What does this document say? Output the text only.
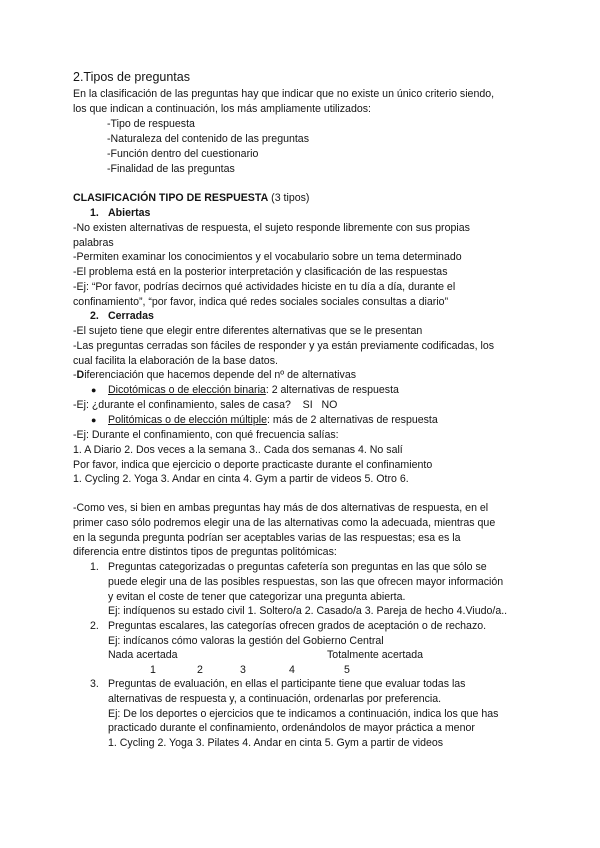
2.Tipos de preguntas
En la clasificación de las preguntas hay que indicar que no existe un único criterio siendo,
los que indican a continuación, los más ampliamente utilizados:
-Tipo de respuesta
-Naturaleza del contenido de las preguntas
-Función dentro del cuestionario
-Finalidad de las preguntas
CLASIFICACIÓN TIPO DE RESPUESTA (3 tipos)
1. Abiertas
-No existen alternativas de respuesta, el sujeto responde libremente con sus propias
palabras
-Permiten examinar los conocimientos y el vocabulario sobre un tema determinado
-El problema está en la posterior interpretación y clasificación de las respuestas
-Ej: “Por favor, podrías decirnos qué actividades hiciste en tu día a día, durante el
confinamiento”, “por favor, indica qué redes sociales sociales consultas a diario”
2. Cerradas
-El sujeto tiene que elegir entre diferentes alternativas que se le presentan
-Las preguntas cerradas son fáciles de responder y ya están previamente codificadas, los
cual facilita la elaboración de la base datos.
-Diferenciación que hacemos depende del nº de alternativas
● Dicotómicas o de elección binaria: 2 alternativas de respuesta
-Ej: ¿durante el confinamiento, sales de casa?    SI   NO
● Politómicas o de elección múltiple: más de 2 alternativas de respuesta
-Ej: Durante el confinamiento, con qué frecuencia salías:
1. A Diario 2. Dos veces a la semana 3.. Cada dos semanas 4. No salí
Por favor, indica que ejercicio o deporte practicaste durante el confinamiento
1. Cycling 2. Yoga 3. Andar en cinta 4. Gym a partir de videos 5. Otro 6.
-Como ves, si bien en ambas preguntas hay más de dos alternativas de respuesta, en el
primer caso sólo podremos elegir una de las alternativas como la adecuada, mientras que
en la segunda pregunta podrían ser aceptables varias de las respuestas; esa es la
diferencia entre distintos tipos de preguntas politómicas:
1. Preguntas categorizadas o preguntas cafetería son preguntas en las que sólo se
puede elegir una de las posibles respuestas, son las que ofrecen mayor información
y evitan el coste de tener que categorizar una pregunta abierta.
Ej: indíquenos su estado civil 1. Soltero/a 2. Casado/a 3. Pareja de hecho 4.Viudo/a..
2. Preguntas escalares, las categorías ofrecen grados de aceptación o de rechazo.
Ej: indícanos cómo valoras la gestión del Gobierno Central
Nada acertada	Totalmente acertada
1	2	3	4	5
3. Preguntas de evaluación, en ellas el participante tiene que evaluar todas las
alternativas de respuesta y, a continuación, ordenarlas por preferencia.
Ej: De los deportes o ejercicios que te indicamos a continuación, indica los que has
practicado durante el confinamiento, ordenándolos de mayor práctica a menor
1. Cycling 2. Yoga 3. Pilates 4. Andar en cinta 5. Gym a partir de videos
